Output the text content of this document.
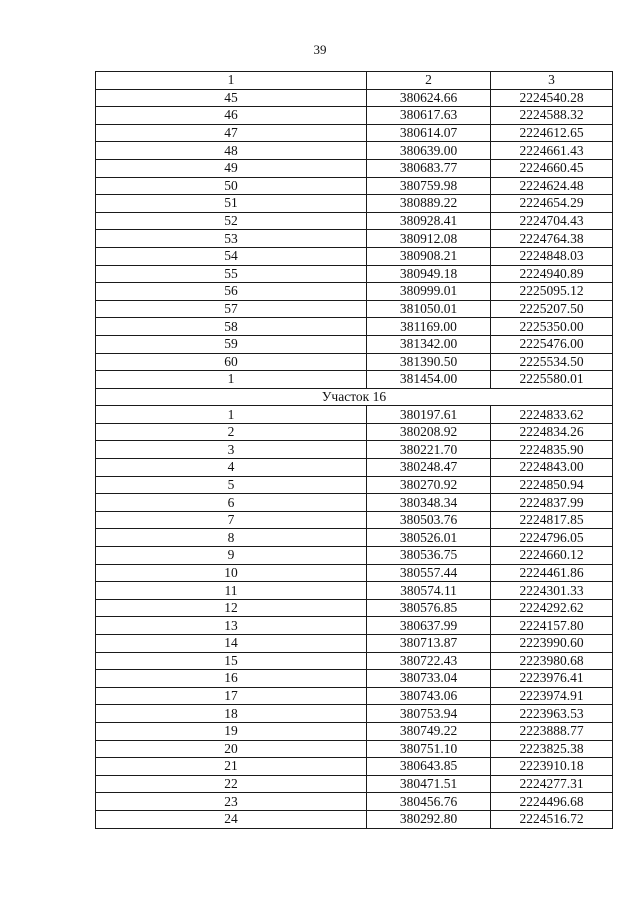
39
1	2	3
45	380624.66	2224540.28
46	380617.63	2224588.32
47	380614.07	2224612.65
48	380639.00	2224661.43
49	380683.77	2224660.45
50	380759.98	2224624.48
51	380889.22	2224654.29
52	380928.41	2224704.43
53	380912.08	2224764.38
54	380908.21	2224848.03
55	380949.18	2224940.89
56	380999.01	2225095.12
57	381050.01	2225207.50
58	381169.00	2225350.00
59	381342.00	2225476.00
60	381390.50	2225534.50
1	381454.00	2225580.01
Участок 16		
1	380197.61	2224833.62
2	380208.92	2224834.26
3	380221.70	2224835.90
4	380248.47	2224843.00
5	380270.92	2224850.94
6	380348.34	2224837.99
7	380503.76	2224817.85
8	380526.01	2224796.05
9	380536.75	2224660.12
10	380557.44	2224461.86
11	380574.11	2224301.33
12	380576.85	2224292.62
13	380637.99	2224157.80
14	380713.87	2223990.60
15	380722.43	2223980.68
16	380733.04	2223976.41
17	380743.06	2223974.91
18	380753.94	2223963.53
19	380749.22	2223888.77
20	380751.10	2223825.38
21	380643.85	2223910.18
22	380471.51	2224277.31
23	380456.76	2224496.68
24	380292.80	2224516.72
